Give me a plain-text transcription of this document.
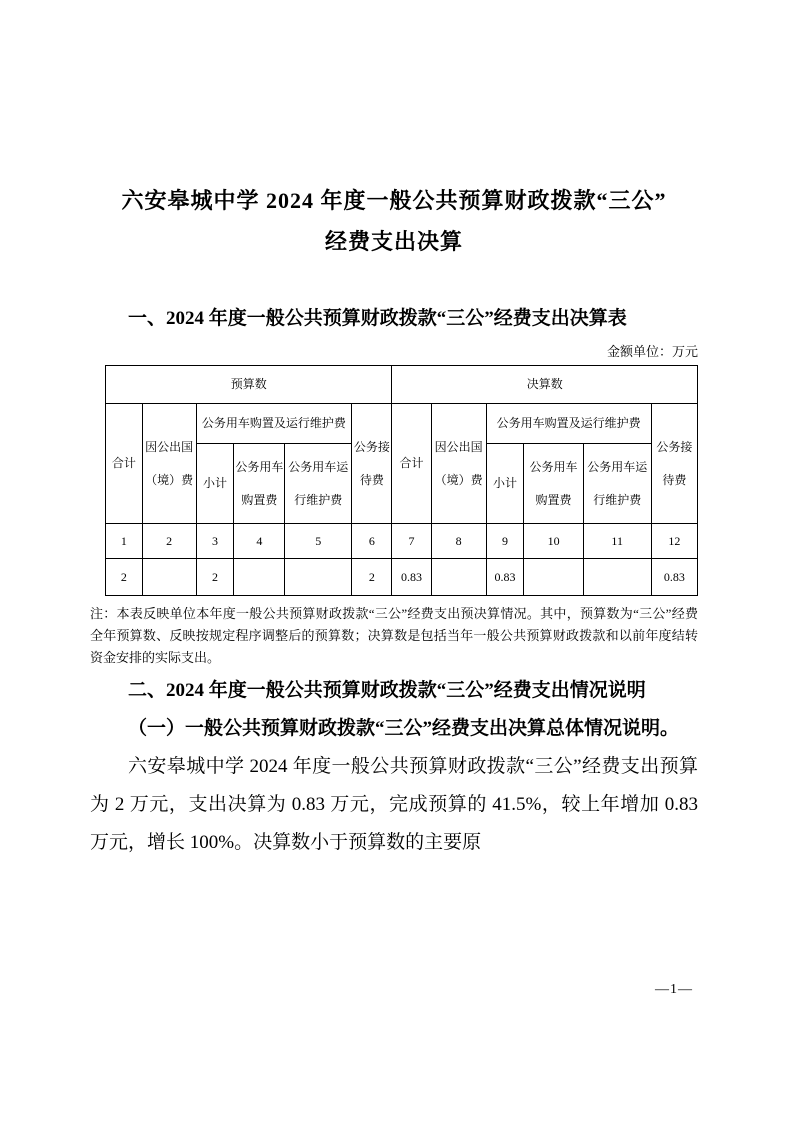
六安皋城中学 2024 年度一般公共预算财政拨款“三公”
经费支出决算
一、2024 年度一般公共预算财政拨款“三公”经费支出决算表
金额单位：万元
预算数						决算数					
合计	因公出国（境）费	公务用车购置及运行维护费			公务接待费	合计	因公出国（境）费	公务用车购置及运行维护费			公务接待费
		小计	公务用车购置费	公务用车运行维护费				小计	公务用车购置费	公务用车运行维护费	
1	2	3	4	5	6	7	8	9	10	11	12
2		2			2	0.83		0.83			0.83
注：本表反映单位本年度一般公共预算财政拨款“三公”经费支出预决算情况。其中，预算数为“三公”经费全年预算数、反映按规定程序调整后的预算数；决算数是包括当年一般公共预算财政拨款和以前年度结转资金安排的实际支出。
二、2024 年度一般公共预算财政拨款“三公”经费支出情况说明
（一）一般公共预算财政拨款“三公”经费支出决算总体情况说明。
六安皋城中学 2024 年度一般公共预算财政拨款“三公”经费支出预算为 2 万元，支出决算为 0.83 万元，完成预算的 41.5%，较上年增加 0.83 万元，增长 100%。决算数小于预算数的主要原
—1—
